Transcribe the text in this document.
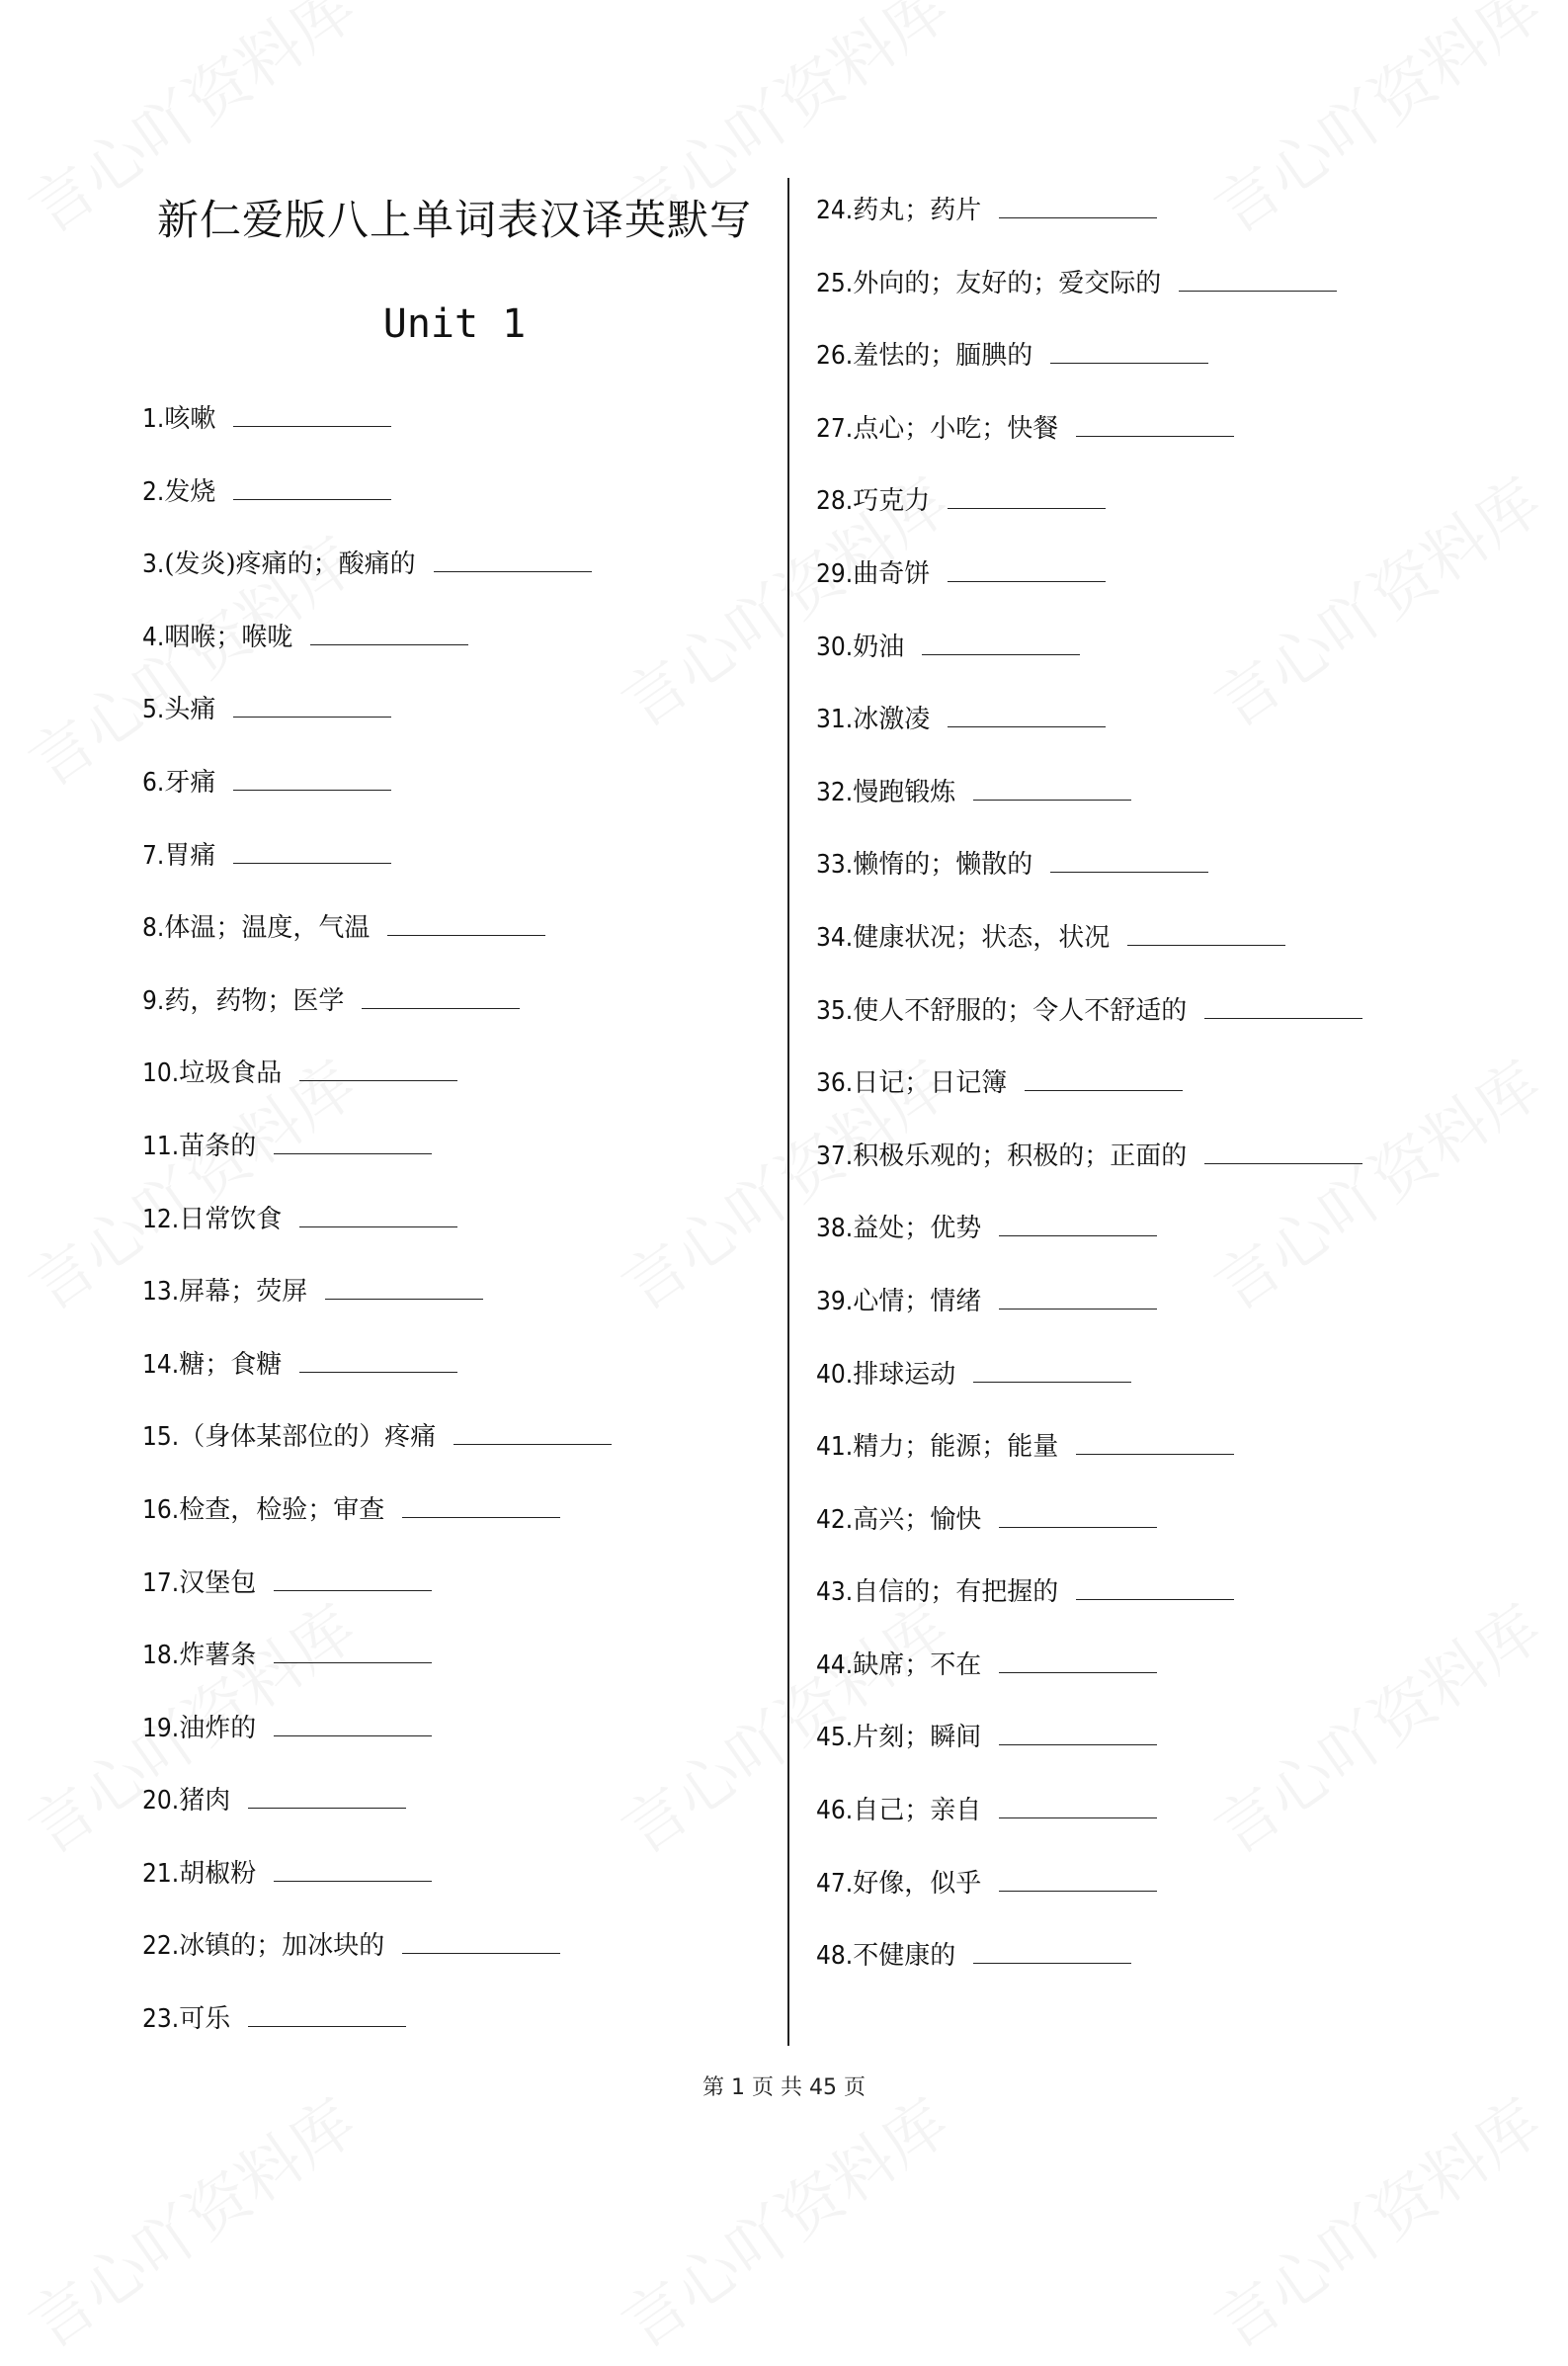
新仁爱版八上单词表汉译英默写
Unit 1
1.咳嗽
2.发烧
3.(发炎)疼痛的；酸痛的
4.咽喉；喉咙
5.头痛
6.牙痛
7.胃痛
8.体温；温度，气温
9.药，药物；医学
10.垃圾食品
11.苗条的
12.日常饮食
13.屏幕；荧屏
14.糖；食糖
15.（身体某部位的）疼痛
16.检查，检验；审查
17.汉堡包
18.炸薯条
19.油炸的
20.猪肉
21.胡椒粉
22.冰镇的；加冰块的
23.可乐
24.药丸；药片
25.外向的；友好的；爱交际的
26.羞怯的；腼腆的
27.点心；小吃；快餐
28.巧克力
29.曲奇饼
30.奶油
31.冰激凌
32.慢跑锻炼
33.懒惰的；懒散的
34.健康状况；状态，状况
35.使人不舒服的；令人不舒适的
36.日记；日记簿
37.积极乐观的；积极的；正面的
38.益处；优势
39.心情；情绪
40.排球运动
41.精力；能源；能量
42.高兴；愉快
43.自信的；有把握的
44.缺席；不在
45.片刻；瞬间
46.自己；亲自
47.好像，似乎
48.不健康的
第 1 页 共 45 页
